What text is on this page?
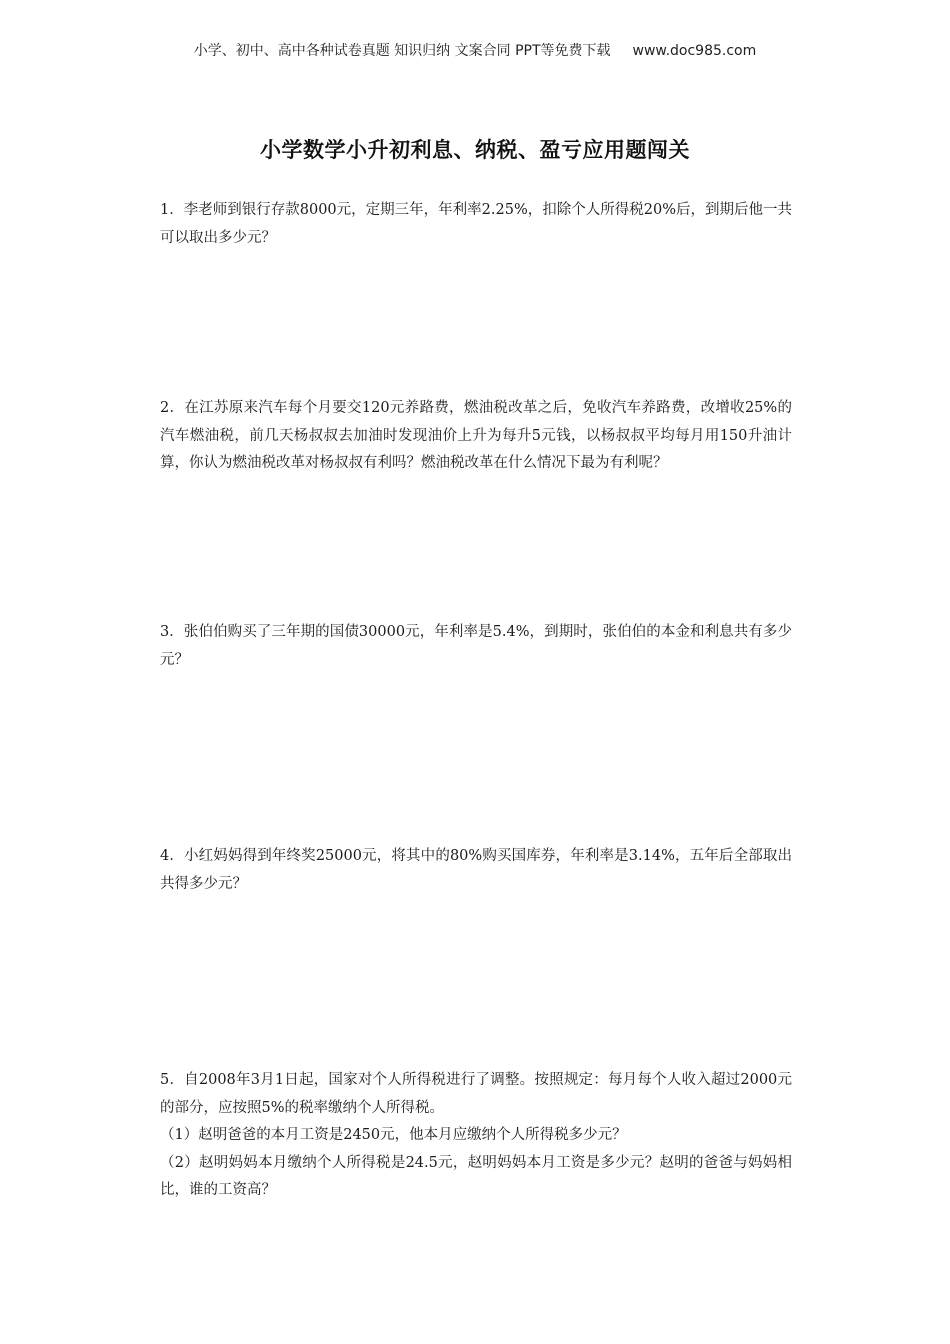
小学、初中、高中各种试卷真题 知识归纳 文案合同 PPT等免费下载 www.doc985.com
小学数学小升初利息、纳税、盈亏应用题闯关

1．李老师到银行存款8000元，定期三年，年利率2.25%，扣除个人所得税20%后，到期后他一共可以取出多少元？

2．在江苏原来汽车每个月要交120元养路费，燃油税改革之后，免收汽车养路费，改增收25%的汽车燃油税，前几天杨叔叔去加油时发现油价上升为每升5元钱，以杨叔叔平均每月用150升油计算，你认为燃油税改革对杨叔叔有利吗？燃油税改革在什么情况下最为有利呢？

3．张伯伯购买了三年期的国债30000元，年利率是5.4%，到期时，张伯伯的本金和利息共有多少元？

4．小红妈妈得到年终奖25000元，将其中的80%购买国库券，年利率是3.14%，五年后全部取出共得多少元？

5．自2008年3月1日起，国家对个人所得税进行了调整。按照规定：每月每个人收入超过2000元的部分，应按照5%的税率缴纳个人所得税。

（1）赵明爸爸的本月工资是2450元，他本月应缴纳个人所得税多少元？

（2）赵明妈妈本月缴纳个人所得税是24.5元，赵明妈妈本月工资是多少元？赵明的爸爸与妈妈相比，谁的工资高？
